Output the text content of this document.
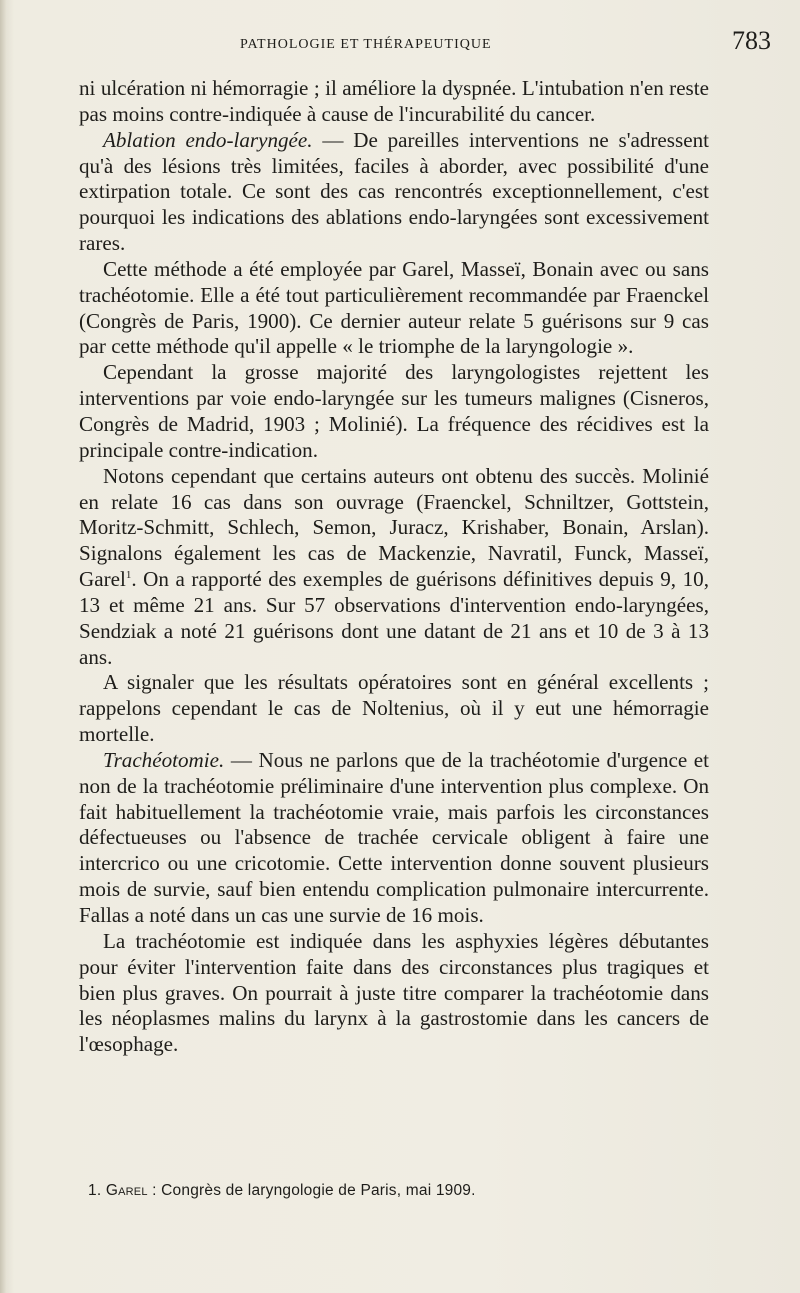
PATHOLOGIE ET THÉRAPEUTIQUE	783

ni ulcération ni hémorragie ; il améliore la dyspnée. L'intubation n'en reste pas moins contre-indiquée à cause de l'incurabilité du cancer.

Ablation endo-laryngée. — De pareilles interventions ne s'adressent qu'à des lésions très limitées, faciles à aborder, avec possibilité d'une extirpation totale. Ce sont des cas rencontrés exceptionnellement, c'est pourquoi les indications des ablations endo-laryngées sont excessivement rares.

Cette méthode a été employée par Garel, Masseï, Bonain avec ou sans trachéotomie. Elle a été tout particulièrement recommandée par Fraenckel (Congrès de Paris, 1900). Ce dernier auteur relate 5 guérisons sur 9 cas par cette méthode qu'il appelle « le triomphe de la laryngologie ».

Cependant la grosse majorité des laryngologistes rejettent les interventions par voie endo-laryngée sur les tumeurs malignes (Cisneros, Congrès de Madrid, 1903 ; Molinié). La fréquence des récidives est la principale contre-indication.

Notons cependant que certains auteurs ont obtenu des succès. Molinié en relate 16 cas dans son ouvrage (Fraenckel, Schniltzer, Gottstein, Moritz-Schmitt, Schlech, Semon, Juracz, Krishaber, Bonain, Arslan). Signalons également les cas de Mackenzie, Navratil, Funck, Masseï, Garel$^1$. On a rapporté des exemples de guérisons définitives depuis 9, 10, 13 et même 21 ans. Sur 57 observations d'intervention endo-laryngées, Sendziak a noté 21 guérisons dont une datant de 21 ans et 10 de 3 à 13 ans.

A signaler que les résultats opératoires sont en général excellents ; rappelons cependant le cas de Noltenius, où il y eut une hémorragie mortelle.

Trachéotomie. — Nous ne parlons que de la trachéotomie d'urgence et non de la trachéotomie préliminaire d'une intervention plus complexe. On fait habituellement la trachéotomie vraie, mais parfois les circonstances défectueuses ou l'absence de trachée cervicale obligent à faire une intercrico ou une cricotomie. Cette intervention donne souvent plusieurs mois de survie, sauf bien entendu complication pulmonaire intercurrente. Fallas a noté dans un cas une survie de 16 mois.

La trachéotomie est indiquée dans les asphyxies légères débutantes pour éviter l'intervention faite dans des circonstances plus tragiques et bien plus graves. On pourrait à juste titre comparer la trachéotomie dans les néoplasmes malins du larynx à la gastrostomie dans les cancers de l'œsophage.

1. Garel : Congrès de laryngologie de Paris, mai 1909.
